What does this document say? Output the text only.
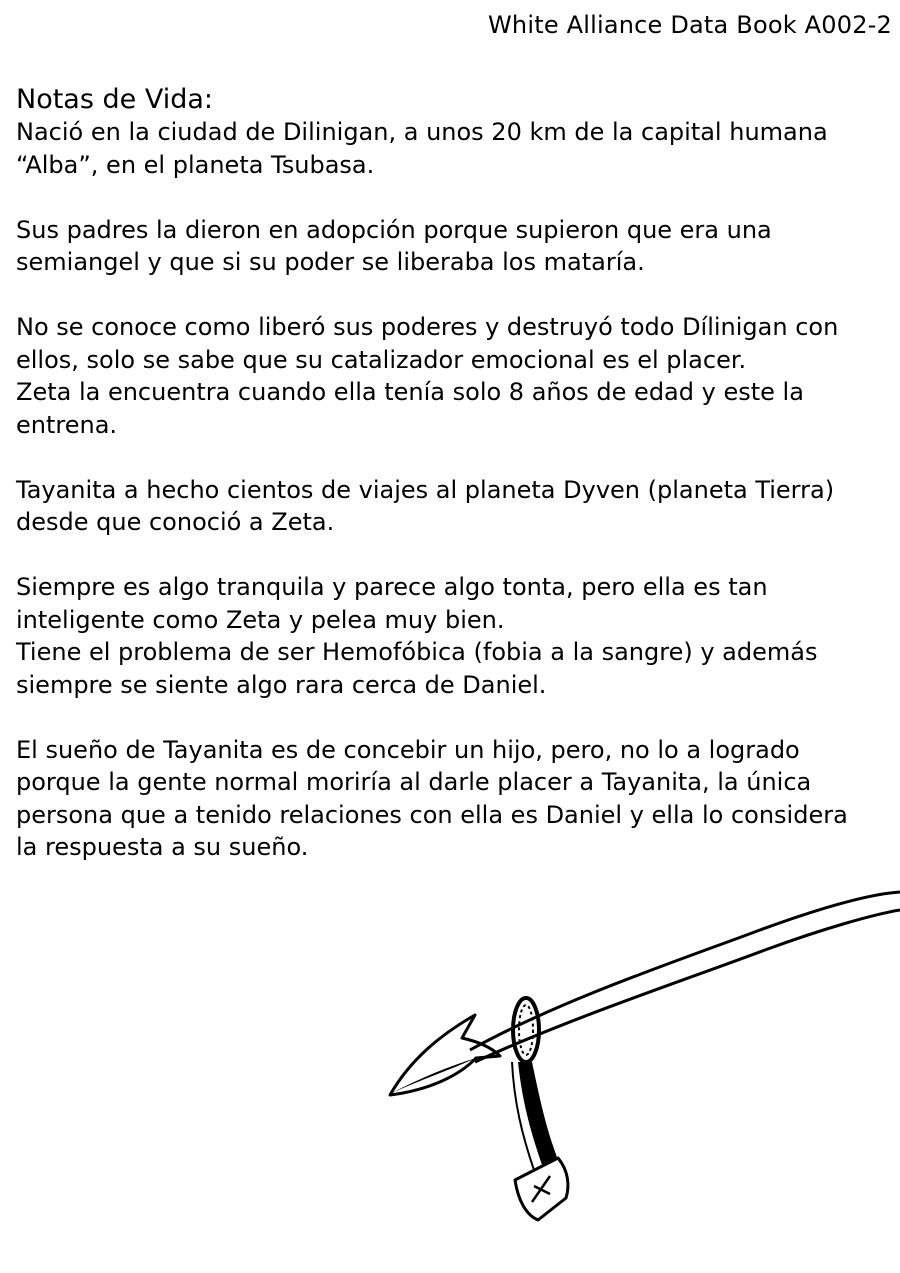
White Alliance Data Book A002-2
Notas de Vida:

Nació en la ciudad de Dilinigan, a unos 20 km de la capital humana
“Alba”, en el planeta Tsubasa.

Sus padres la dieron en adopción porque supieron que era una
semiangel y que si su poder se liberaba los mataría.

No se conoce como liberó sus poderes y destruyó todo Dílinigan con
ellos, solo se sabe que su catalizador emocional es el placer.
Zeta la encuentra cuando ella tenía solo 8 años de edad y este la
entrena.

Tayanita a hecho cientos de viajes al planeta Dyven (planeta Tierra)
desde que conoció a Zeta.

Siempre es algo tranquila y parece algo tonta, pero ella es tan
inteligente como Zeta y pelea muy bien.
Tiene el problema de ser Hemofóbica (fobia a la sangre) y además
siempre se siente algo rara cerca de Daniel.

El sueño de Tayanita es de concebir un hijo, pero, no lo a logrado
porque la gente normal moriría al darle placer a Tayanita, la única
persona que a tenido relaciones con ella es Daniel y ella lo considera
la respuesta a su sueño.
